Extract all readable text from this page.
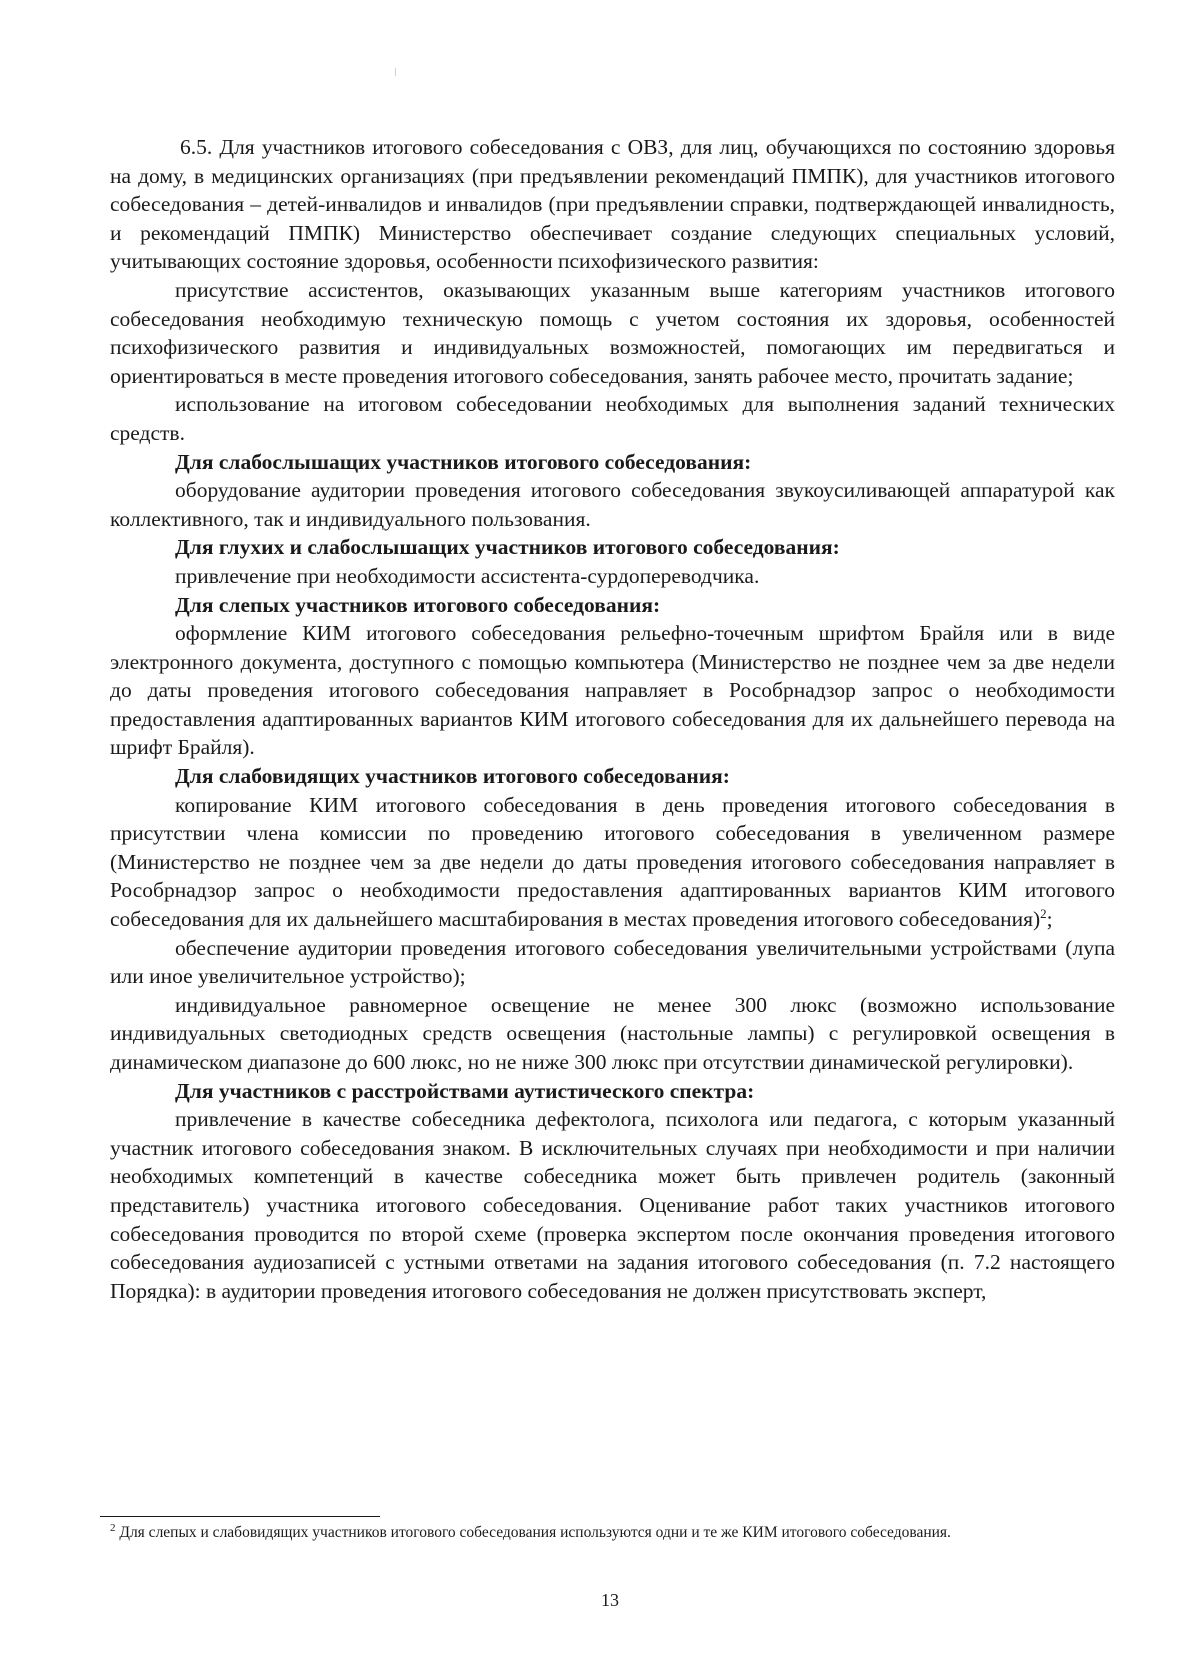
6.5. Для участников итогового собеседования с ОВЗ, для лиц, обучающихся по состоянию здоровья на дому, в медицинских организациях (при предъявлении рекомендаций ПМПК), для участников итогового собеседования – детей-инвалидов и инвалидов (при предъявлении справки, подтверждающей инвалидность, и рекомендаций ПМПК) Министерство обеспечивает создание следующих специальных условий, учитывающих состояние здоровья, особенности психофизического развития:

присутствие ассистентов, оказывающих указанным выше категориям участников итогового собеседования необходимую техническую помощь с учетом состояния их здоровья, особенностей психофизического развития и индивидуальных возможностей, помогающих им передвигаться и ориентироваться в месте проведения итогового собеседования, занять рабочее место, прочитать задание;

использование на итоговом собеседовании необходимых для выполнения заданий технических средств.

Для слабослышащих участников итогового собеседования:

оборудование аудитории проведения итогового собеседования звукоусиливающей аппаратурой как коллективного, так и индивидуального пользования.

Для глухих и слабослышащих участников итогового собеседования:

привлечение при необходимости ассистента-сурдопереводчика.

Для слепых участников итогового собеседования:

оформление КИМ итогового собеседования рельефно-точечным шрифтом Брайля или в виде электронного документа, доступного с помощью компьютера (Министерство не позднее чем за две недели до даты проведения итогового собеседования направляет в Рособрнадзор запрос о необходимости предоставления адаптированных вариантов КИМ итогового собеседования для их дальнейшего перевода на шрифт Брайля).

Для слабовидящих участников итогового собеседования:

копирование КИМ итогового собеседования в день проведения итогового собеседования в присутствии члена комиссии по проведению итогового собеседования в увеличенном размере (Министерство не позднее чем за две недели до даты проведения итогового собеседования направляет в Рособрнадзор запрос о необходимости предоставления адаптированных вариантов КИМ итогового собеседования для их дальнейшего масштабирования в местах проведения итогового собеседования)$^2$;

обеспечение аудитории проведения итогового собеседования увеличительными устройствами (лупа или иное увеличительное устройство);

индивидуальное равномерное освещение не менее 300 люкс (возможно использование индивидуальных светодиодных средств освещения (настольные лампы) с регулировкой освещения в динамическом диапазоне до 600 люкс, но не ниже 300 люкс при отсутствии динамической регулировки).

Для участников с расстройствами аутистического спектра:

привлечение в качестве собеседника дефектолога, психолога или педагога, с которым указанный участник итогового собеседования знаком. В исключительных случаях при необходимости и при наличии необходимых компетенций в качестве собеседника может быть привлечен родитель (законный представитель) участника итогового собеседования. Оценивание работ таких участников итогового собеседования проводится по второй схеме (проверка экспертом после окончания проведения итогового собеседования аудиозаписей с устными ответами на задания итогового собеседования (п. 7.2 настоящего Порядка): в аудитории проведения итогового собеседования не должен присутствовать эксперт,

$^2$ Для слепых и слабовидящих участников итогового собеседования используются одни и те же КИМ итогового собеседования.
13
